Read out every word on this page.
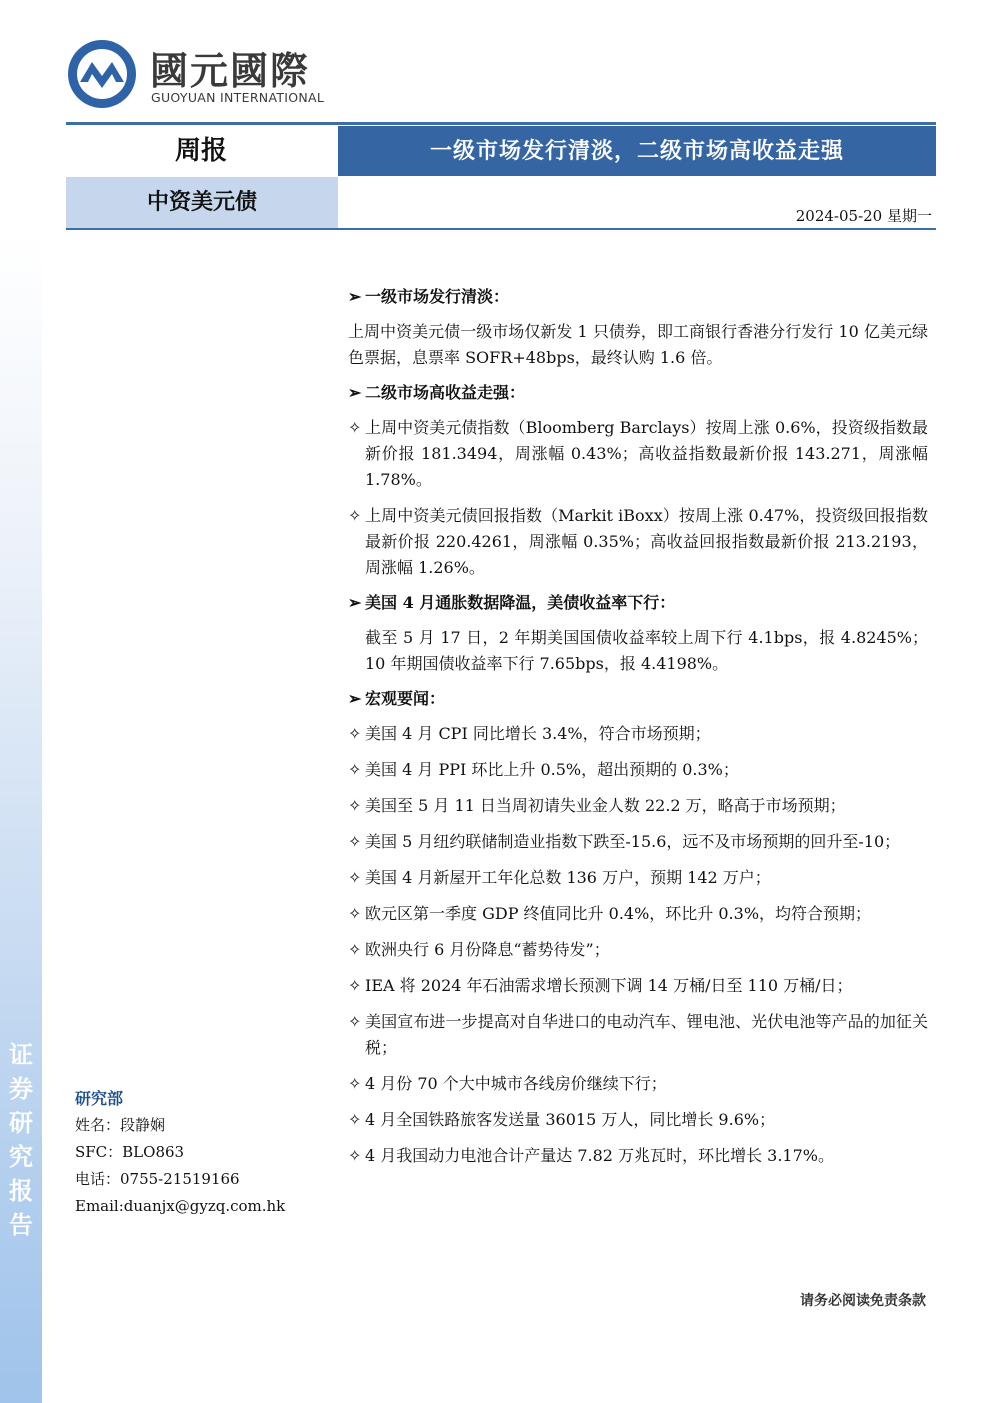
证券研究报告
國元國際
GUOYUAN INTERNATIONAL
周报	一级市场发行清淡，二级市场高收益走强
中资美元债
2024-05-20 星期一
➢ 一级市场发行清淡：
上周中资美元债一级市场仅新发 1 只债券，即工商银行香港分行发行 10 亿美元绿色票据，息票率 SOFR+48bps，最终认购 1.6 倍。
➢ 二级市场高收益走强：
✧ 上周中资美元债指数（Bloomberg Barclays）按周上涨 0.6%，投资级指数最新价报 181.3494，周涨幅 0.43%；高收益指数最新价报 143.271，周涨幅 1.78%。
✧ 上周中资美元债回报指数（Markit iBoxx）按周上涨 0.47%，投资级回报指数最新价报 220.4261，周涨幅 0.35%；高收益回报指数最新价报 213.2193，周涨幅 1.26%。
➢ 美国 4 月通胀数据降温，美债收益率下行：
截至 5 月 17 日，2 年期美国国债收益率较上周下行 4.1bps，报 4.8245%；10 年期国债收益率下行 7.65bps，报 4.4198%。
➢ 宏观要闻：
✧ 美国 4 月 CPI 同比增长 3.4%，符合市场预期；
✧ 美国 4 月 PPI 环比上升 0.5%，超出预期的 0.3%；
✧ 美国至 5 月 11 日当周初请失业金人数 22.2 万，略高于市场预期；
✧ 美国 5 月纽约联储制造业指数下跌至-15.6，远不及市场预期的回升至-10；
✧ 美国 4 月新屋开工年化总数 136 万户，预期 142 万户；
✧ 欧元区第一季度 GDP 终值同比升 0.4%，环比升 0.3%，均符合预期；
✧ 欧洲央行 6 月份降息“蓄势待发”；
✧ IEA 将 2024 年石油需求增长预测下调 14 万桶/日至 110 万桶/日；
✧ 美国宣布进一步提高对自华进口的电动汽车、锂电池、光伏电池等产品的加征关税；
✧ 4 月份 70 个大中城市各线房价继续下行；
✧ 4 月全国铁路旅客发送量 36015 万人，同比增长 9.6%；
✧ 4 月我国动力电池合计产量达 7.82 万兆瓦时，环比增长 3.17%。
研究部
姓名：段静娴
SFC：BLO863
电话：0755-21519166
Email:duanjx@gyzq.com.hk
请务必阅读免责条款
